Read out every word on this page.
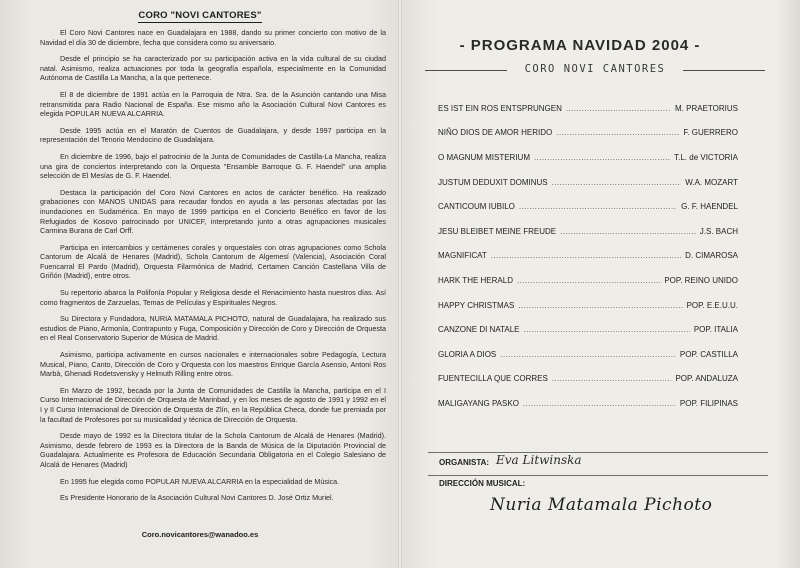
CORO "NOVI CANTORES"

El Coro Novi Cantores nace en Guadalajara en 1988, dando su primer concierto con motivo de la Navidad el día 30 de diciembre, fecha que considera como su aniversario.

Desde el principio se ha caracterizado por su participación activa en la vida cultural de su ciudad natal. Asimismo, realiza actuaciones por toda la geografía española, especialmente en la Comunidad Autónoma de Castilla La Mancha, a la que pertenece.

El 8 de diciembre de 1991 actúa en la Parroquia de Ntra. Sra. de la Asunción cantando una Misa retransmitida para Radio Nacional de España. Ese mismo año la Asociación Cultural Novi Cantores es elegida POPULAR NUEVA ALCARRIA.

Desde 1995 actúa en el Maratón de Cuentos de Guadalajara, y desde 1997 participa en la representación del Tenorio Mendocino de Guadalajara.

En diciembre de 1996, bajo el patrocinio de la Junta de Comunidades de Castilla-La Mancha, realiza una gira de conciertos interpretando con la Orquesta "Ensamble Barroque G. F. Haendel" una amplia selección de El Mesías de G. F. Haendel.

Destaca la participación del Coro Novi Cantores en actos de carácter benéfico. Ha realizado grabaciones con MANOS UNIDAS para recaudar fondos en ayuda a las personas afectadas por las inundaciones en Sudamérica. En mayo de 1999 participa en el Concierto Benéfico en favor de los Refugiados de Kosovo patrocinado por UNICEF, interpretando junto a otras agrupaciones musicales Carmina Burana de Carl Orff.

Participa en intercambios y certámenes corales y orquestales con otras agrupaciones como Schola Cantorum de Alcalá de Henares (Madrid), Schola Cantorum de Algemesí (Valencia), Asociación Coral Fuencarral El Pardo (Madrid), Orquesta Filarmónica de Madrid, Certamen Canción Castellana Villa de Griñón (Madrid), entre otros.

Su repertorio abarca la Polifonía Popular y Religiosa desde el Renacimiento hasta nuestros días. Así como fragmentos de Zarzuelas, Temas de Películas y Espirituales Negros.

Su Directora y Fundadora, NURIA MATAMALA PICHOTO, natural de Guadalajara, ha realizado sus estudios de Piano, Armonía, Contrapunto y Fuga, Composición y Dirección de Coro y Dirección de Orquesta en el Real Conservatorio Superior de Música de Madrid.

Asimismo, participa activamente en cursos nacionales e internacionales sobre Pedagogía, Lectura Musical, Piano, Canto, Dirección de Coro y Orquesta con los maestros Enrique García Asensio, Antoni Ros Marbà, Ghenadi Rodetsvensky y Helmuth Rilling entre otros.

En Marzo de 1992, becada por la Junta de Comunidades de Castilla la Mancha, participa en el I Curso Internacional de Dirección de Orquesta de Marinbad, y en los meses de agosto de 1991 y 1992 en el I y II Curso Internacional de Dirección de Orquesta de Zlín, en la República Checa, donde fue premiada por la facultad de Profesores por su musicalidad y técnica de Dirección de Orquesta.

Desde mayo de 1992 es la Directora titular de la Schola Cantorum de Alcalá de Henares (Madrid). Asimismo, desde febrero de 1993 es la Directora de la Banda de Música de la Diputación Provincial de Guadalajara. Actualmente es Profesora de Educación Secundaria Obligatoria en el Colegio Salesiano de Alcalá de Henares (Madrid)

En 1995 fue elegida como POPULAR NUEVA ALCARRIA en la especialidad de Música.

Es Presidente Honorario de la Asociación Cultural Novi Cantores D. José Ortiz Muriel.

Coro.novicantores@wanadoo.es
- PROGRAMA NAVIDAD 2004 -
CORO NOVI CANTORES
ES IST EIN ROS ENTSPRUNGEN .....	M. PRAETORIUS
NIÑO DIOS DE AMOR HERIDO .....	F. GUERRERO
O MAGNUM MISTERIUM .....	T.L. de VICTORIA
JUSTUM DEDUXIT DOMINUS .....	W.A. MOZART
CANTICOUM IUBILO .....	G. F. HAENDEL
JESU BLEIBET MEINE FREUDE .....	J.S. BACH
MAGNIFICAT .....	D. CIMAROSA
HARK THE HERALD .....	POP. REINO UNIDO
HAPPY CHRISTMAS .....	POP. E.E.U.U.
CANZONE DI NATALE .....	POP. ITALIA
GLORIA A DIOS .....	POP. CASTILLA
FUENTECILLA QUE CORRES .....	POP. ANDALUZA
MALIGAYANG PASKO .....	POP. FILIPINAS
ORGANISTA: Eva Litwinska
DIRECCIÓN MUSICAL:
Nuria Matamala Pichoto
